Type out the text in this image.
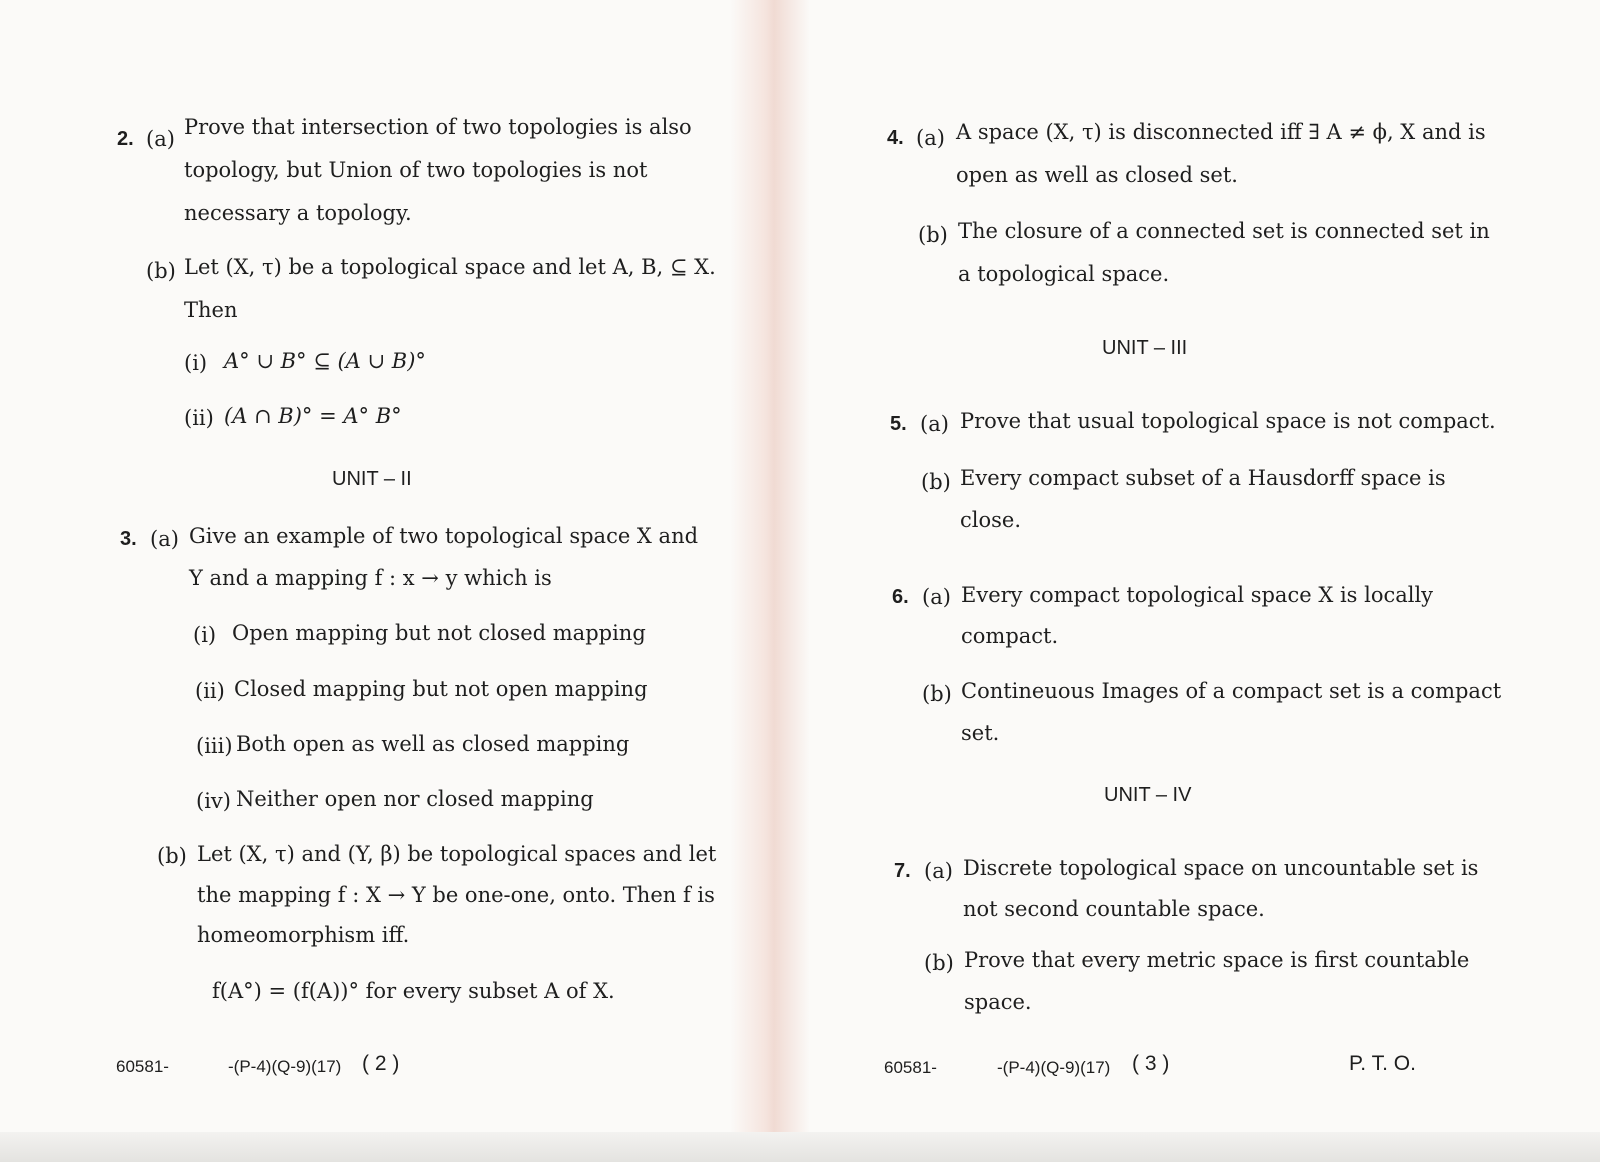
2. (a) Prove that intersection of two topologies is also
topology, but Union of two topologies is not
necessary a topology.
(b) Let (X, τ) be a topological space and let A, B, ⊆ X.
Then
(i) A° ∪ B° ⊆ (A ∪ B)°
(ii) (A ∩ B)° = A° B°
UNIT – II
3. (a) Give an example of two topological space X and
Y and a mapping f : x → y which is
(i) Open mapping but not closed mapping
(ii) Closed mapping but not open mapping
(iii) Both open as well as closed mapping
(iv) Neither open nor closed mapping
(b) Let (X, τ) and (Y, β) be topological spaces and let
the mapping f : X → Y be one-one, onto. Then f is
homeomorphism iff.
f(A°) = (f(A))° for every subset A of X.
60581-	-(P-4)(Q-9)(17) ( 2 )
4. (a) A space (X, τ) is disconnected iff ∃ A ≠ ϕ, X and is
open as well as closed set.
(b) The closure of a connected set is connected set in
a topological space.
UNIT – III
5. (a) Prove that usual topological space is not compact.
(b) Every compact subset of a Hausdorff space is
close.
6. (a) Every compact topological space X is locally
compact.
(b) Contineuous Images of a compact set is a compact
set.
UNIT – IV
7. (a) Discrete topological space on uncountable set is
not second countable space.
(b) Prove that every metric space is first countable
space.
60581-	-(P-4)(Q-9)(17) ( 3 )	P. T. O.
